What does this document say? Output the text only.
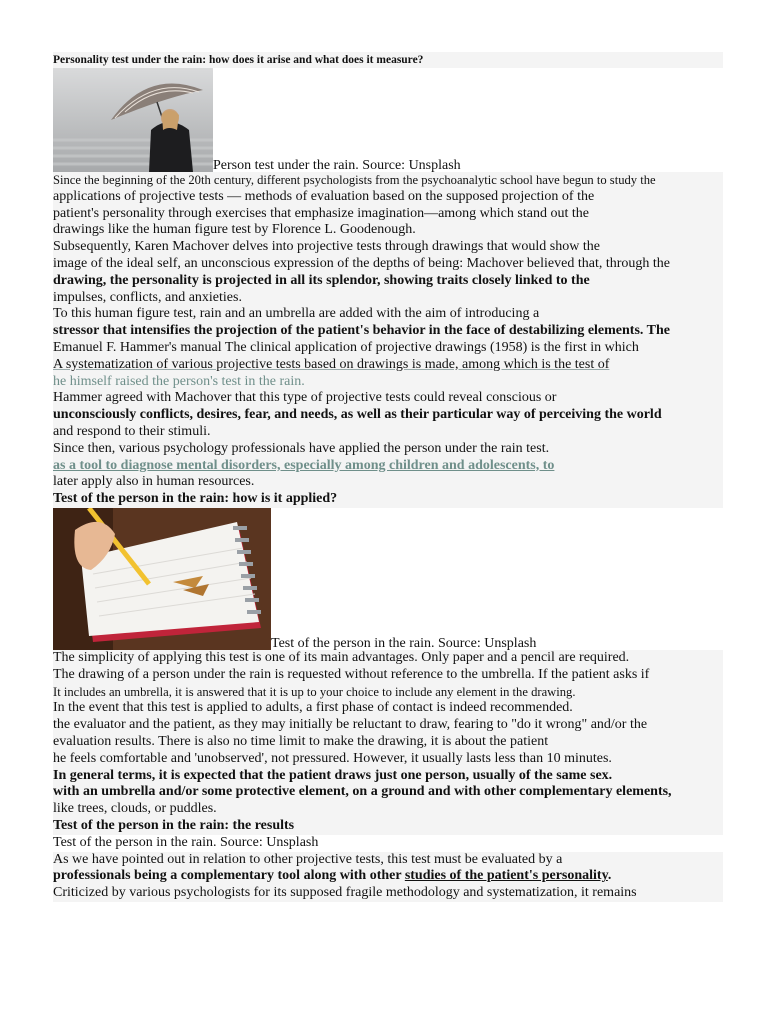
Personality test under the rain: how does it arise and what does it measure?
Person test under the rain. Source: Unsplash
Since the beginning of the 20th century, different psychologists from the psychoanalytic school have begun to study the
applications of projective tests — methods of evaluation based on the supposed projection of the
patient's personality through exercises that emphasize imagination—among which stand out the
drawings like the human figure test by Florence L. Goodenough.
Subsequently, Karen Machover delves into projective tests through drawings that would show the
image of the ideal self, an unconscious expression of the depths of being: Machover believed that, through the
drawing, the personality is projected in all its splendor, showing traits closely linked to the
impulses, conflicts, and anxieties.
To this human figure test, rain and an umbrella are added with the aim of introducing a
stressor that intensifies the projection of the patient's behavior in the face of destabilizing elements. The
Emanuel F. Hammer's manual The clinical application of projective drawings (1958) is the first in which
A systematization of various projective tests based on drawings is made, among which is the test of
he himself raised the person's test in the rain.
Hammer agreed with Machover that this type of projective tests could reveal conscious or
unconsciously conflicts, desires, fear, and needs, as well as their particular way of perceiving the world
and respond to their stimuli.
Since then, various psychology professionals have applied the person under the rain test.
as a tool to diagnose mental disorders, especially among children and adolescents, to
later apply also in human resources.
Test of the person in the rain: how is it applied?
Test of the person in the rain. Source: Unsplash
The simplicity of applying this test is one of its main advantages. Only paper and a pencil are required.
The drawing of a person under the rain is requested without reference to the umbrella. If the patient asks if
It includes an umbrella, it is answered that it is up to your choice to include any element in the drawing.
In the event that this test is applied to adults, a first phase of contact is indeed recommended.
the evaluator and the patient, as they may initially be reluctant to draw, fearing to "do it wrong" and/or the
evaluation results. There is also no time limit to make the drawing, it is about the patient
he feels comfortable and 'unobserved', not pressured. However, it usually lasts less than 10 minutes.
In general terms, it is expected that the patient draws just one person, usually of the same sex.
with an umbrella and/or some protective element, on a ground and with other complementary elements,
like trees, clouds, or puddles.
Test of the person in the rain: the results
Test of the person in the rain. Source: Unsplash
As we have pointed out in relation to other projective tests, this test must be evaluated by a
professionals being a complementary tool along with other studies of the patient's personality.
Criticized by various psychologists for its supposed fragile methodology and systematization, it remains
